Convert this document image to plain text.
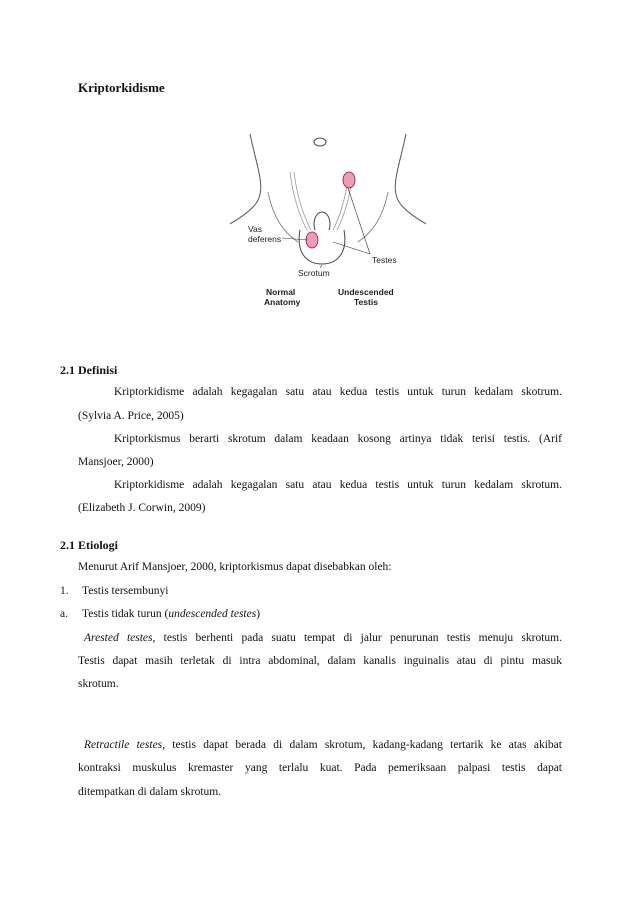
Kriptorkidisme
Vas
deferens
Scrotum
Testes
Normal
Anatomy
Undescended
Testis
2.1 Definisi
Kriptorkidisme adalah kegagalan satu atau kedua testis untuk turun kedalam skotrum.
(Sylvia A. Price, 2005)
Kriptorkismus berarti skrotum dalam keadaan kosong artinya tidak terisi testis. (Arif
Mansjoer, 2000)
Kriptorkidisme adalah kegagalan satu atau kedua testis untuk turun kedalam skrotum.
(Elizabeth J. Corwin, 2009)
2.1 Etiologi
Menurut Arif Mansjoer, 2000, kriptorkismus dapat disebabkan oleh:
1. Testis tersembunyi
a. Testis tidak turun (undescended testes)
Arested testes, testis berhenti pada suatu tempat di jalur penurunan testis menuju skrotum.
Testis dapat masih terletak di intra abdominal, dalam kanalis inguinalis atau di pintu masuk
skrotum.
Retractile testes, testis dapat berada di dalam skrotum, kadang-kadang tertarik ke atas akibat
kontraksi muskulus kremaster yang terlalu kuat. Pada pemeriksaan palpasi testis dapat
ditempatkan di dalam skrotum.
